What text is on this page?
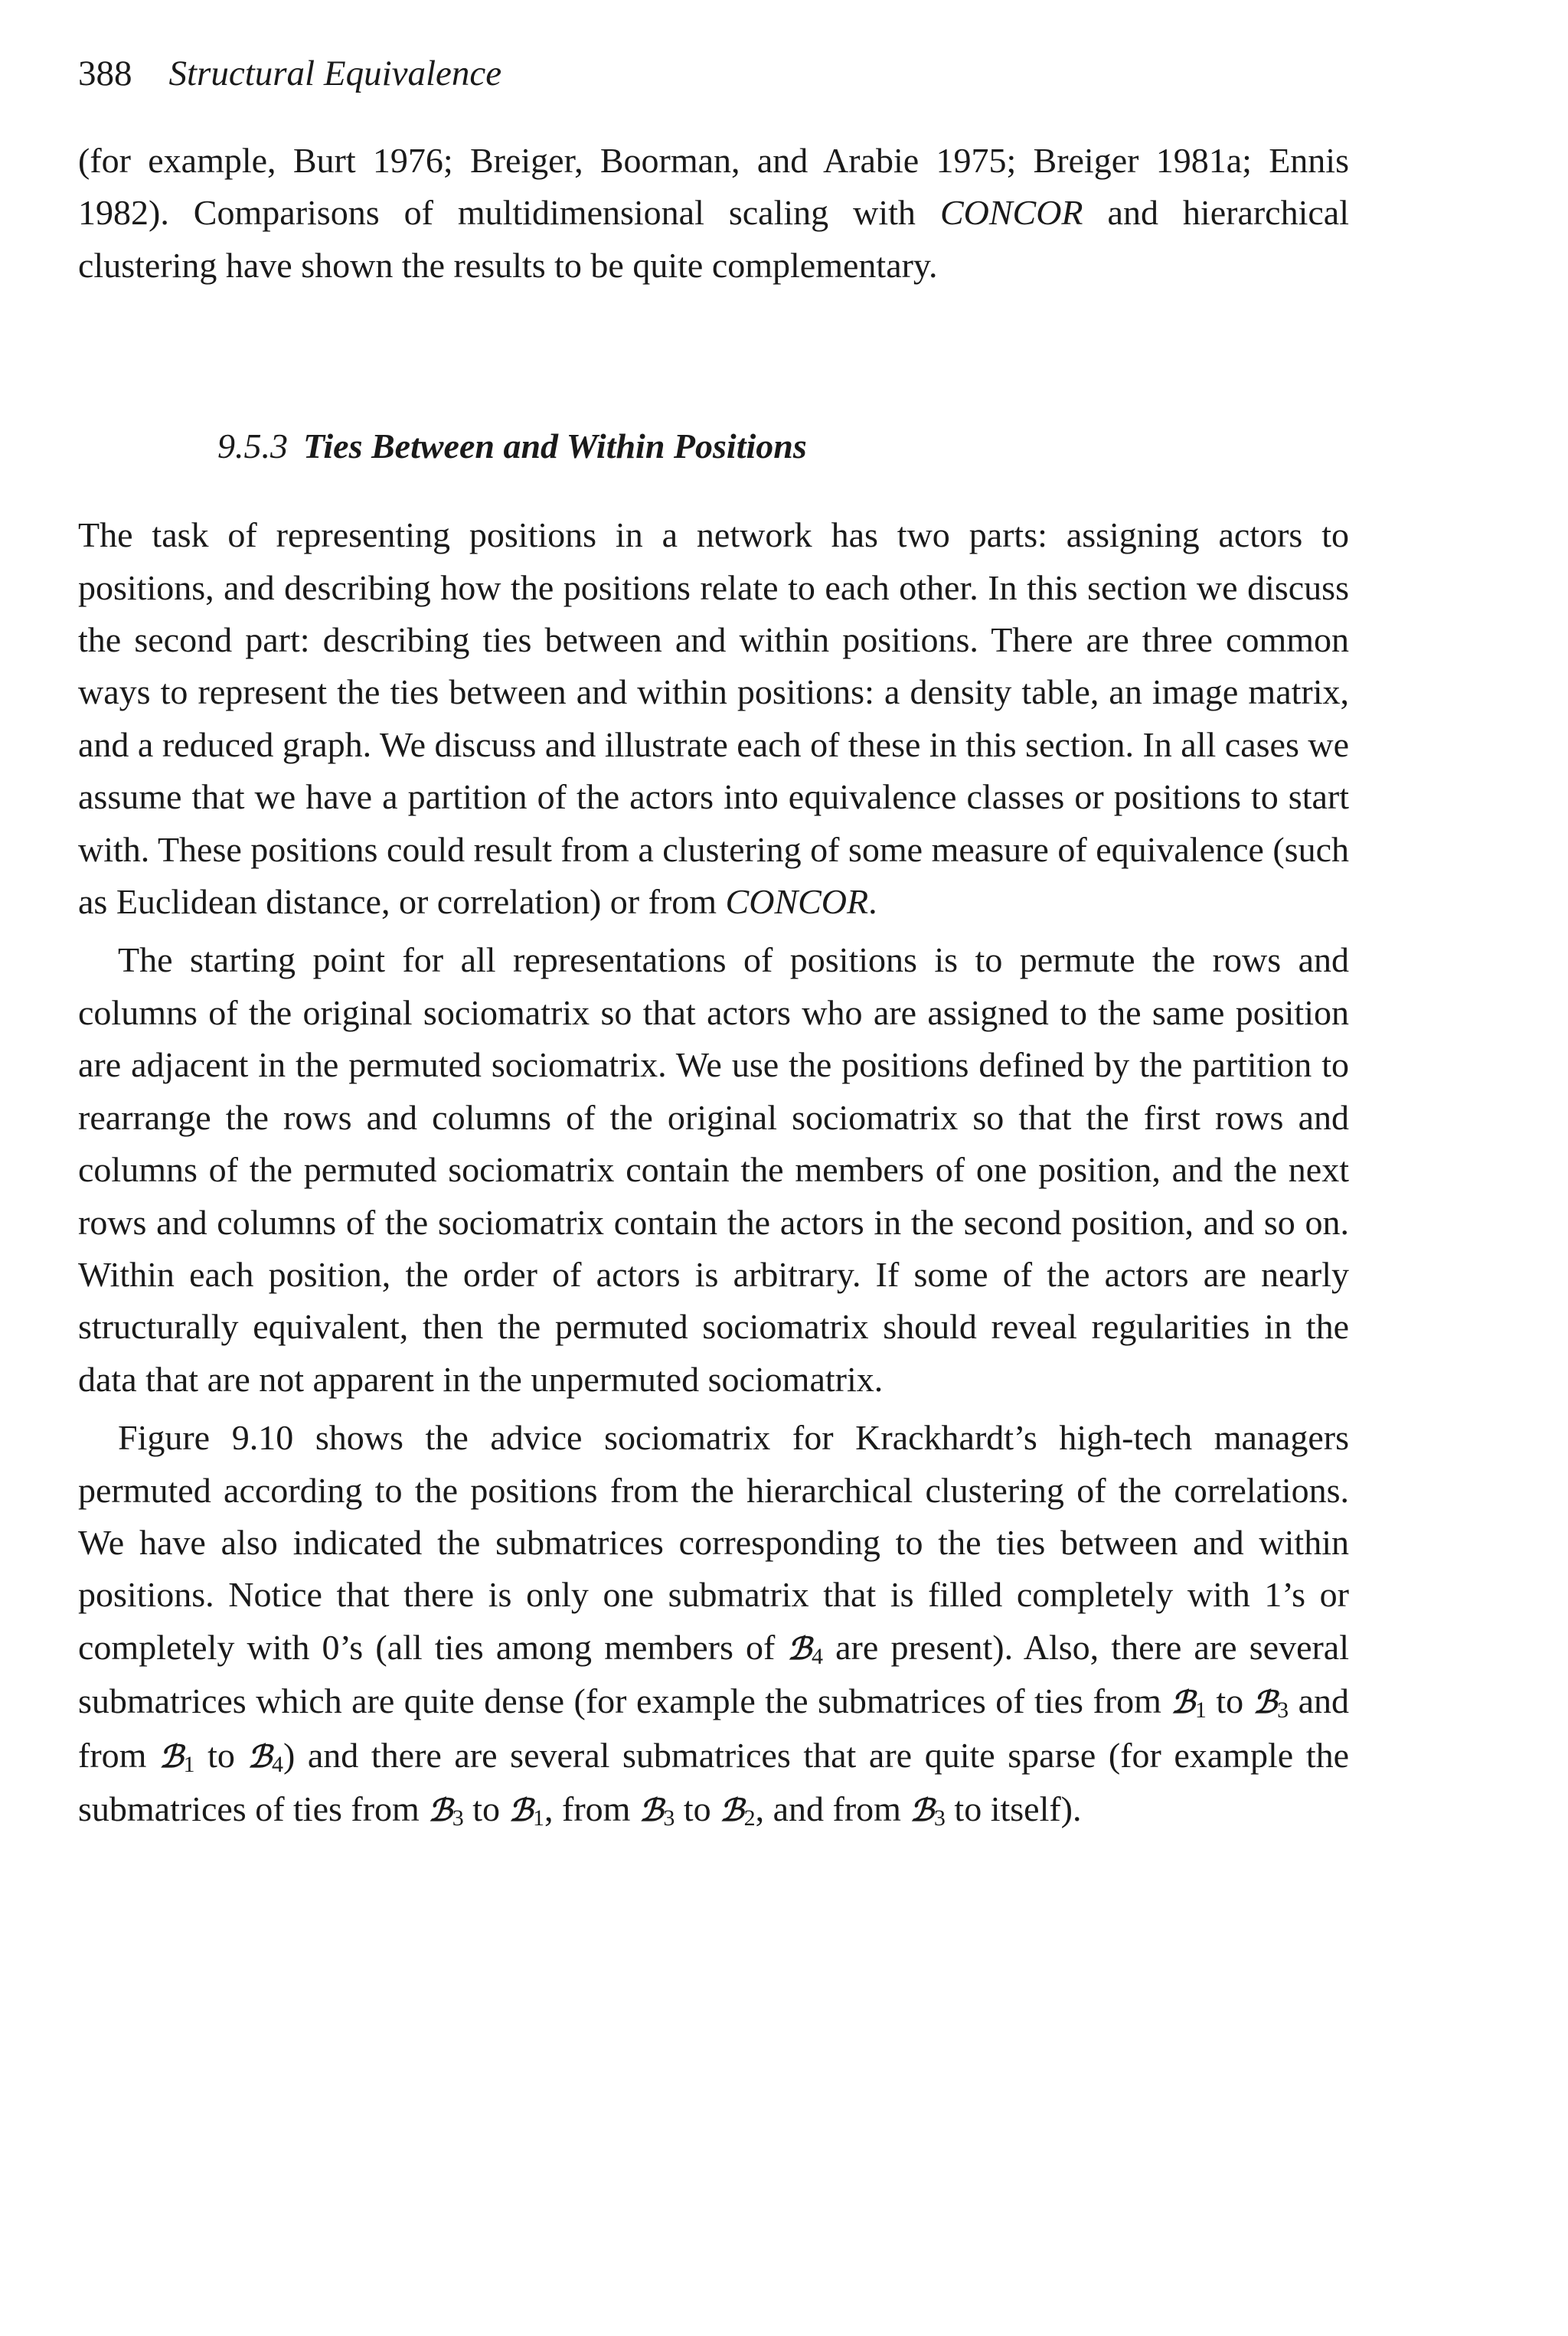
388 Structural Equivalence

(for example, Burt 1976; Breiger, Boorman, and Arabie 1975; Breiger 1981a; Ennis 1982). Comparisons of multidimensional scaling with CONCOR and hierarchical clustering have shown the results to be quite complementary.

9.5.3 Ties Between and Within Positions

The task of representing positions in a network has two parts: assigning actors to positions, and describing how the positions relate to each other. In this section we discuss the second part: describing ties between and within positions. There are three common ways to represent the ties between and within positions: a density table, an image matrix, and a reduced graph. We discuss and illustrate each of these in this section. In all cases we assume that we have a partition of the actors into equivalence classes or positions to start with. These positions could result from a clustering of some measure of equivalence (such as Euclidean distance, or correlation) or from CONCOR.

The starting point for all representations of positions is to permute the rows and columns of the original sociomatrix so that actors who are assigned to the same position are adjacent in the permuted sociomatrix. We use the positions defined by the partition to rearrange the rows and columns of the original sociomatrix so that the first rows and columns of the permuted sociomatrix contain the members of one position, and the next rows and columns of the sociomatrix contain the actors in the second position, and so on. Within each position, the order of actors is arbitrary. If some of the actors are nearly structurally equivalent, then the permuted sociomatrix should reveal regularities in the data that are not apparent in the unpermuted sociomatrix.

Figure 9.10 shows the advice sociomatrix for Krackhardt’s high-tech managers permuted according to the positions from the hierarchical clustering of the correlations. We have also indicated the submatrices corresponding to the ties between and within positions. Notice that there is only one submatrix that is filled completely with 1’s or completely with 0’s (all ties among members of ℬ$_4$ are present). Also, there are several submatrices which are quite dense (for example the submatrices of ties from ℬ$_1$ to ℬ$_3$ and from ℬ$_1$ to ℬ$_4$) and there are several submatrices that are quite sparse (for example the submatrices of ties from ℬ$_3$ to ℬ$_1$, from ℬ$_3$ to ℬ$_2$, and from ℬ$_3$ to itself).
